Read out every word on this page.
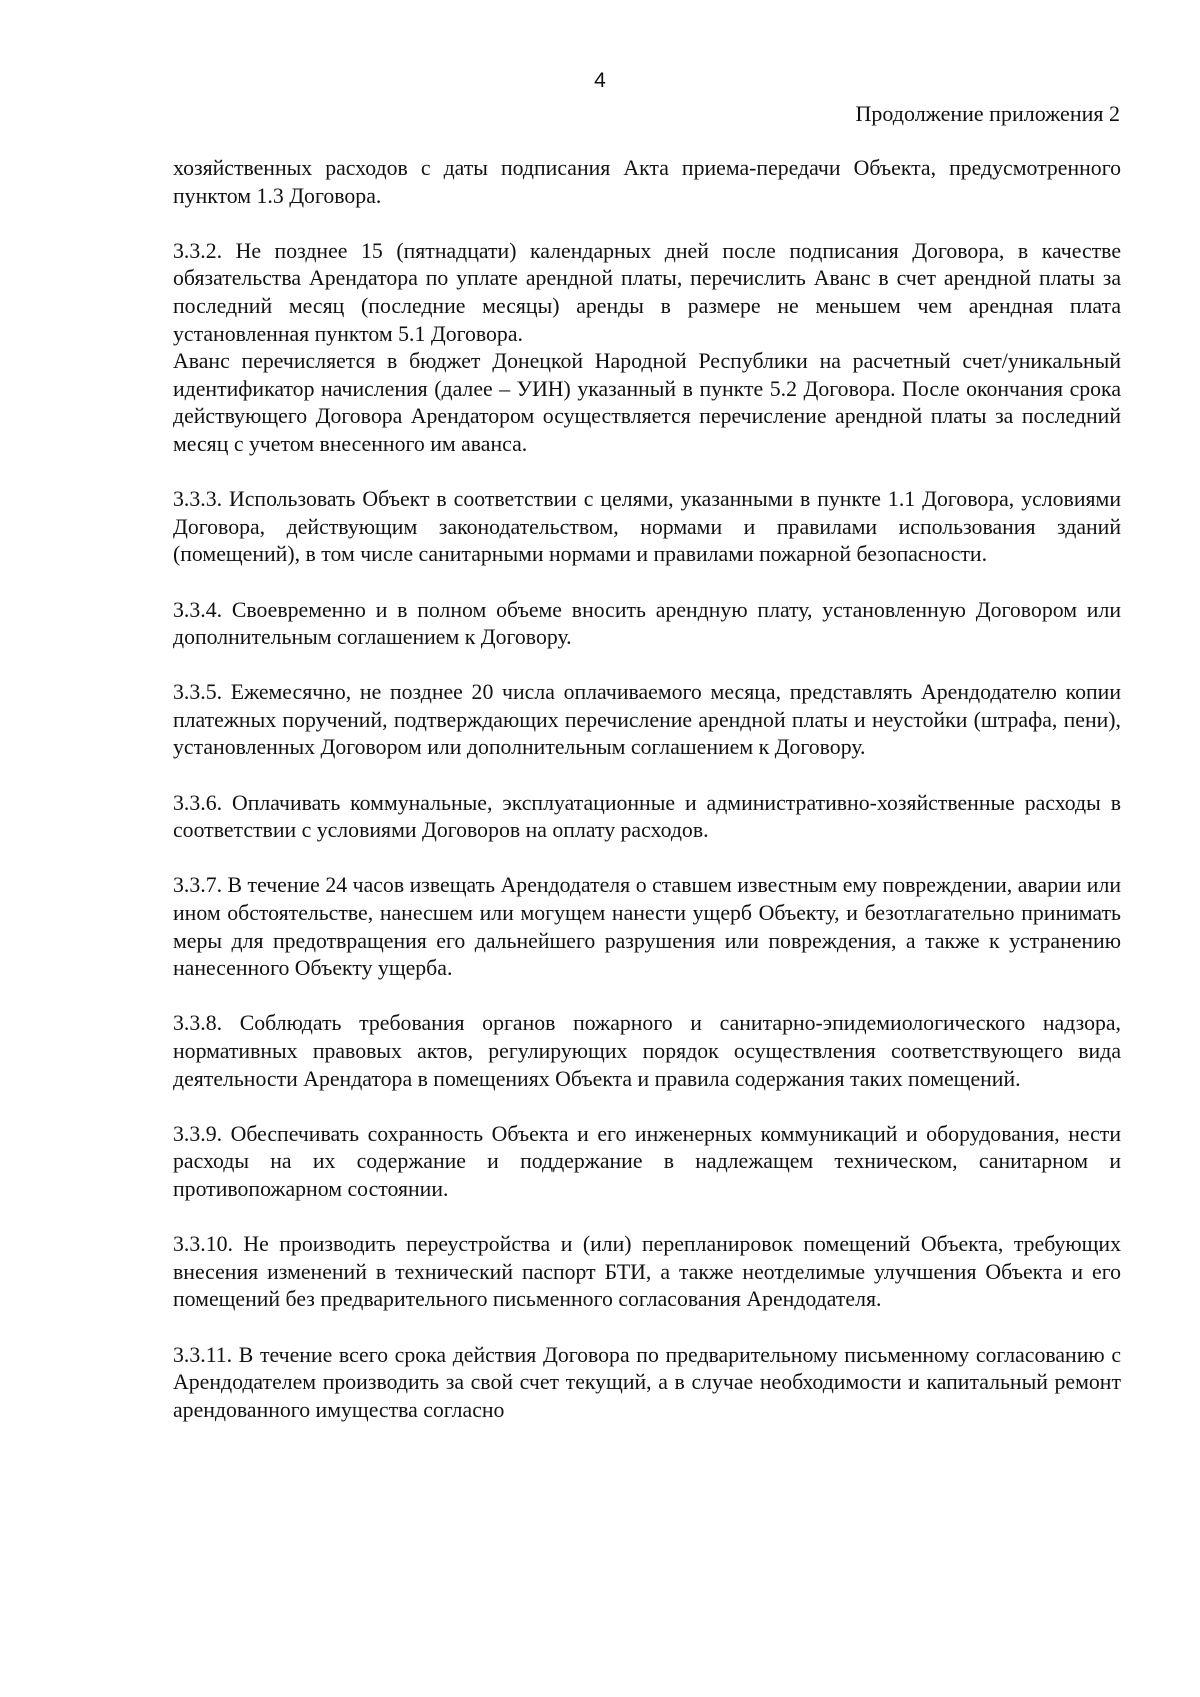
4
Продолжение приложения 2

хозяйственных расходов с даты подписания Акта приема-передачи Объекта, предусмотренного пунктом 1.3 Договора.

3.3.2. Не позднее 15 (пятнадцати) календарных дней после подписания Договора, в качестве обязательства Арендатора по уплате арендной платы, перечислить Аванс в счет арендной платы за последний месяц (последние месяцы) аренды в размере не меньшем чем арендная плата установленная пунктом 5.1 Договора.

Аванс перечисляется в бюджет Донецкой Народной Республики на расчетный счет/уникальный идентификатор начисления (далее – УИН) указанный в пункте 5.2 Договора. После окончания срока действующего Договора Арендатором осуществляется перечисление арендной платы за последний месяц с учетом внесенного им аванса.

3.3.3. Использовать Объект в соответствии с целями, указанными в пункте 1.1 Договора, условиями Договора, действующим законодательством, нормами и правилами использования зданий (помещений), в том числе санитарными нормами и правилами пожарной безопасности.

3.3.4. Своевременно и в полном объеме вносить арендную плату, установленную Договором или дополнительным соглашением к Договору.

3.3.5. Ежемесячно, не позднее 20 числа оплачиваемого месяца, представлять Арендодателю копии платежных поручений, подтверждающих перечисление арендной платы и неустойки (штрафа, пени), установленных Договором или дополнительным соглашением к Договору.

3.3.6. Оплачивать коммунальные, эксплуатационные и административно-хозяйственные расходы в соответствии с условиями Договоров на оплату расходов.

3.3.7. В течение 24 часов извещать Арендодателя о ставшем известным ему повреждении, аварии или ином обстоятельстве, нанесшем или могущем нанести ущерб Объекту, и безотлагательно принимать меры для предотвращения его дальнейшего разрушения или повреждения, а также к устранению нанесенного Объекту ущерба.

3.3.8. Соблюдать требования органов пожарного и санитарно-эпидемиологического надзора, нормативных правовых актов, регулирующих порядок осуществления соответствующего вида деятельности Арендатора в помещениях Объекта и правила содержания таких помещений.

3.3.9. Обеспечивать сохранность Объекта и его инженерных коммуникаций и оборудования, нести расходы на их содержание и поддержание в надлежащем техническом, санитарном и противопожарном состоянии.

3.3.10. Не производить переустройства и (или) перепланировок помещений Объекта, требующих внесения изменений в технический паспорт БТИ, а также неотделимые улучшения Объекта и его помещений без предварительного письменного согласования Арендодателя.

3.3.11. В течение всего срока действия Договора по предварительному письменному согласованию с Арендодателем производить за свой счет текущий, а в случае необходимости и капитальный ремонт арендованного имущества согласно
